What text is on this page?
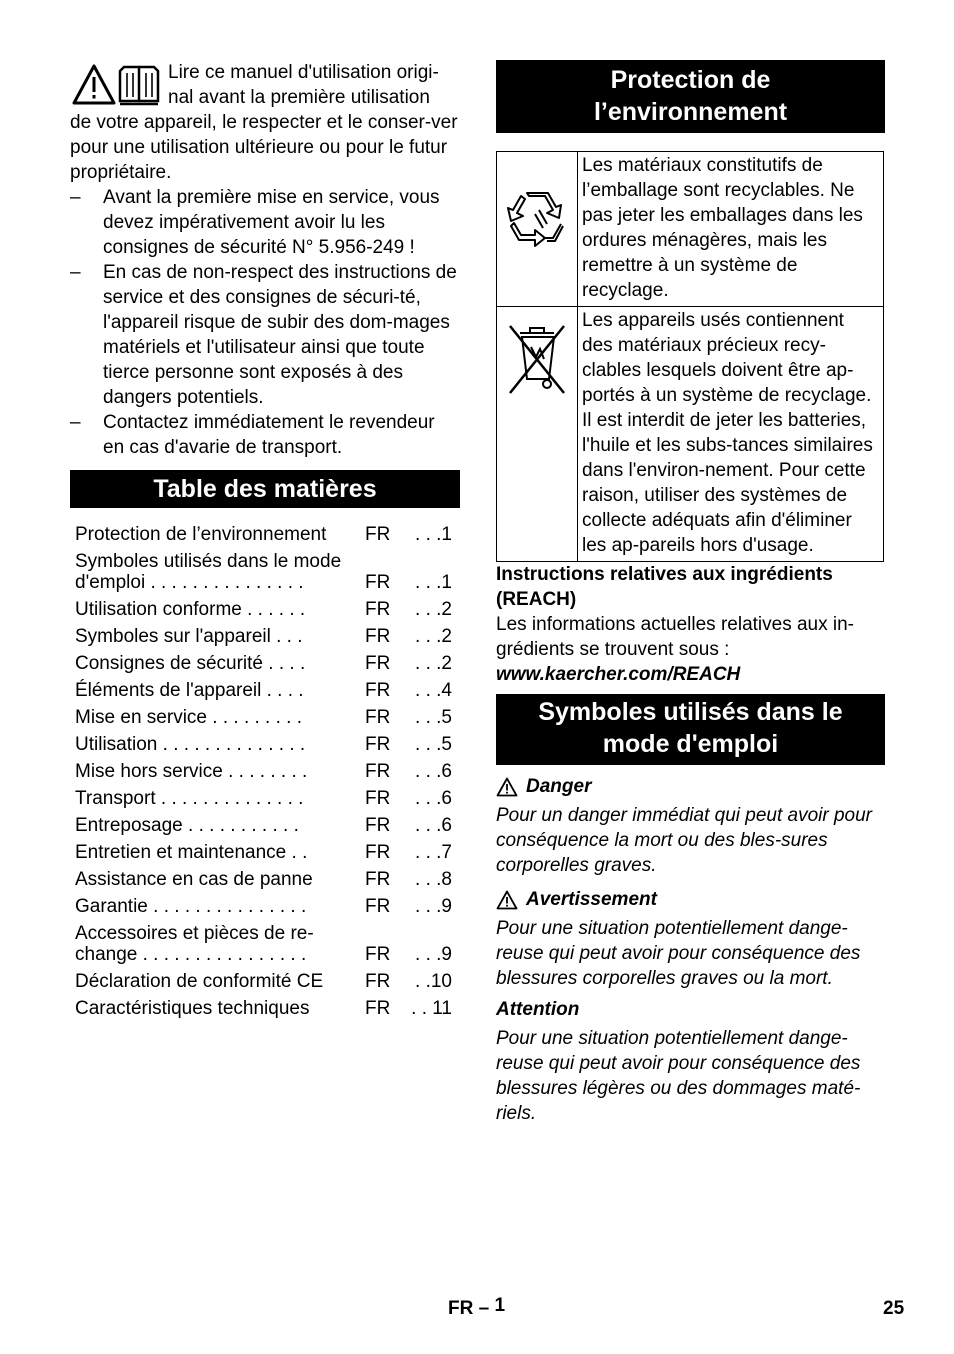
Lire ce manuel d'utilisation origi-

nal avant la première utilisation

de votre appareil, le respecter et le conser-ver pour une utilisation ultérieure ou pour le futur propriétaire.

– Avant la première mise en service, vous devez impérativement avoir lu les consignes de sécurité N° 5.956-249 !
– En cas de non-respect des instructions de service et des consignes de sécuri-té, l'appareil risque de subir des dom-mages matériels et l'utilisateur ainsi que toute tierce personne sont exposés à des dangers potentiels.
– Contactez immédiatement le revendeur en cas d'avarie de transport.
Table des matières
Protection de l’environnement	FR	. . .1
Symboles utilisés dans le mode
d'emploi . . . . . . . . . . . . . . .	FR	. . .1
Utilisation conforme . . . . . .	FR	. . .2
Symboles sur l'appareil . . .	FR	. . .2
Consignes de sécurité . . . .	FR	. . .2
Éléments de l'appareil . . . .	FR	. . .4
Mise en service . . . . . . . . .	FR	. . .5
Utilisation . . . . . . . . . . . . . .	FR	. . .5
Mise hors service . . . . . . . .	FR	. . .6
Transport . . . . . . . . . . . . . .	FR	. . .6
Entreposage . . . . . . . . . . .	FR	. . .6
Entretien et maintenance . .	FR	. . .7
Assistance en cas de panne	FR	. . .8
Garantie . . . . . . . . . . . . . . .	FR	. . .9
Accessoires et pièces de re-
change . . . . . . . . . . . . . . . .	FR	. . .9
Déclaration de conformité CE	FR	. .10
Caractéristiques techniques	FR	. . 11
Protection de
l’environnement
	Les matériaux constitutifs de l’emballage sont recyclables. Ne pas jeter les emballages dans les ordures ménagères, mais les remettre à un système de recyclage.
	Les appareils usés contiennent des matériaux précieux recy-clables lesquels doivent être ap-portés à un système de recyclage. Il est interdit de jeter les batteries, l'huile et les subs-tances similaires dans l'environ-nement. Pour cette raison, utiliser des systèmes de collecte adéquats afin d'éliminer les ap-pareils hors d'usage.

Instructions relatives aux ingrédients (REACH)

Les informations actuelles relatives aux in-grédients se trouvent sous :

www.kaercher.com/REACH

Symboles utilisés dans le
mode d'emploi
Danger

Pour un danger immédiat qui peut avoir pour conséquence la mort ou des bles-sures corporelles graves.

Avertissement

Pour une situation potentiellement dange-reuse qui peut avoir pour conséquence des blessures corporelles graves ou la mort.

Attention

Pour une situation potentiellement dange-reuse qui peut avoir pour conséquence des blessures légères ou des dommages maté-riels.

FR – 1	25
